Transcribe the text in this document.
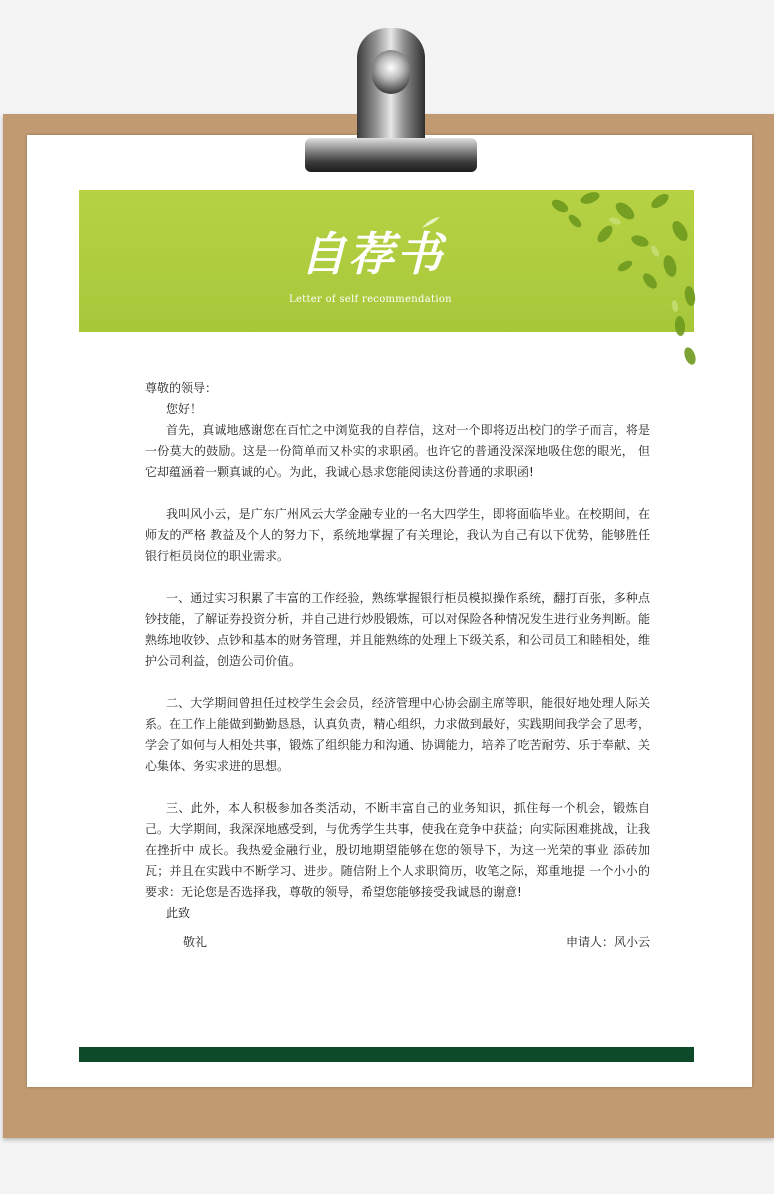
自荐书
Letter of self recommendation

尊敬的领导：

您好！

首先，真诚地感谢您在百忙之中浏览我的自荐信，这对一个即将迈出校门的学子而言，将是一份莫大的鼓励。这是一份简单而又朴实的求职函。也许它的普通没深深地吸住您的眼光， 但它却蕴涵着一颗真诚的心。为此，我诚心恳求您能阅读这份普通的求职函!

我叫风小云，是广东广州风云大学金融专业的一名大四学生，即将面临毕业。在校期间，在师友的严格 教益及个人的努力下，系统地掌握了有关理论，我认为自己有以下优势，能够胜任银行柜员岗位的职业需求。

一、通过实习积累了丰富的工作经验，熟练掌握银行柜员模拟操作系统，翻打百张，多种点钞技能，了解证券投资分析，并自己进行炒股锻炼，可以对保险各种情况发生进行业务判断。能熟练地收钞、点钞和基本的财务管理，并且能熟练的处理上下级关系，和公司员工和睦相处，维护公司利益，创造公司价值。

二、大学期间曾担任过校学生会会员，经济管理中心协会副主席等职，能很好地处理人际关系。在工作上能做到勤勤恳恳，认真负责，精心组织，力求做到最好，实践期间我学会了思考，学会了如何与人相处共事，锻炼了组织能力和沟通、协调能力，培养了吃苦耐劳、乐于奉献、关心集体、务实求进的思想。

三、此外，本人积极参加各类活动，不断丰富自己的业务知识，抓住每一个机会，锻炼自己。大学期间，我深深地感受到，与优秀学生共事，使我在竞争中获益；向实际困难挑战，让我在挫折中 成长。我热爱金融行业，殷切地期望能够在您的领导下，为这一光荣的事业 添砖加瓦；并且在实践中不断学习、进步。随信附上个人求职简历，收笔之际，郑重地提 一个小小的要求：无论您是否选择我，尊敬的领导，希望您能够接受我诚恳的谢意!

此致

敬礼	申请人：风小云
